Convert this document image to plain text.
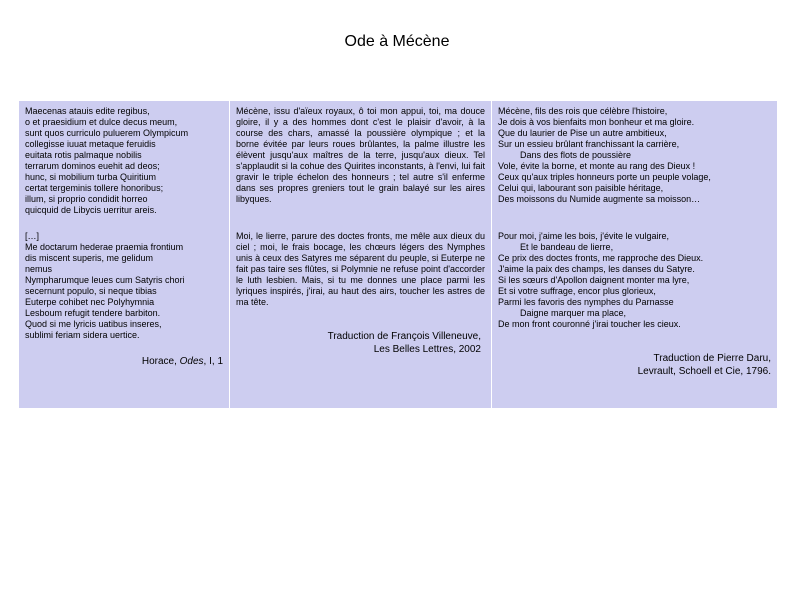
Ode à Mécène
Maecenas atauis edite regibus,
o et praesidium et dulce decus meum,
sunt quos curriculo puluerem Olympicum
collegisse iuuat metaque feruidis
euitata rotis palmaque nobilis
terrarum dominos euehit ad deos;
hunc, si mobilium turba Quiritium
certat tergeminis tollere honoribus;
illum, si proprio condidit horreo
quicquid de Libycis uerritur areis.
Mécène, issu d'aïeux royaux, ô toi mon appui, toi, ma douce gloire, il y a des hommes dont c'est le plaisir d'avoir, à la course des chars, amassé la poussière olympique ; et la borne évitée par leurs roues brûlantes, la palme illustre les élèvent jusqu'aux maîtres de la terre, jusqu'aux dieux. Tel s'applaudit si la cohue des Quirites inconstants, à l'envi, lui fait gravir le triple échelon des honneurs ; tel autre s'il enferme dans ses propres greniers tout le grain balayé sur les aires libyques.
Mécène, fils des rois que célèbre l'histoire,
Je dois à vos bienfaits mon bonheur et ma gloire.
Que du laurier de Pise un autre ambitieux,
Sur un essieu brûlant franchissant la carrière,
Dans des flots de poussière
Vole, évite la borne, et monte au rang des Dieux !
Ceux qu'aux triples honneurs porte un peuple volage,
Celui qui, labourant son paisible héritage,
Des moissons du Numide augmente sa moisson…
[…]
Me doctarum hederae praemia frontium
dis miscent superis, me gelidum
nemus
Nympharumque leues cum Satyris chori
secernunt populo, si neque tibias
Euterpe cohibet nec Polyhymnia
Lesboum refugit tendere barbiton.
Quod si me lyricis uatibus inseres,
sublimi feriam sidera uertice.
Horace, Odes, I, 1
Moi, le lierre, parure des doctes fronts, me mêle aux dieux du ciel ; moi, le frais bocage, les chœurs légers des Nymphes unis à ceux des Satyres me séparent du peuple, si Euterpe ne fait pas taire ses flûtes, si Polymnie ne refuse point d'accorder le luth lesbien. Mais, si tu me donnes une place parmi les lyriques inspirés, j'irai, au haut des airs, toucher les astres de ma tête.
Traduction de François Villeneuve,
Les Belles Lettres, 2002
Pour moi, j'aime les bois, j'évite le vulgaire,
Et le bandeau de lierre,
Ce prix des doctes fronts, me rapproche des Dieux.
J'aime la paix des champs, les danses du Satyre.
Si les sœurs d'Apollon daignent monter ma lyre,
Et si votre suffrage, encor plus glorieux,
Parmi les favoris des nymphes du Parnasse
Daigne marquer ma place,
De mon front couronné j'irai toucher les cieux.
Traduction de Pierre Daru,
Levrault, Schoell et Cie, 1796.
